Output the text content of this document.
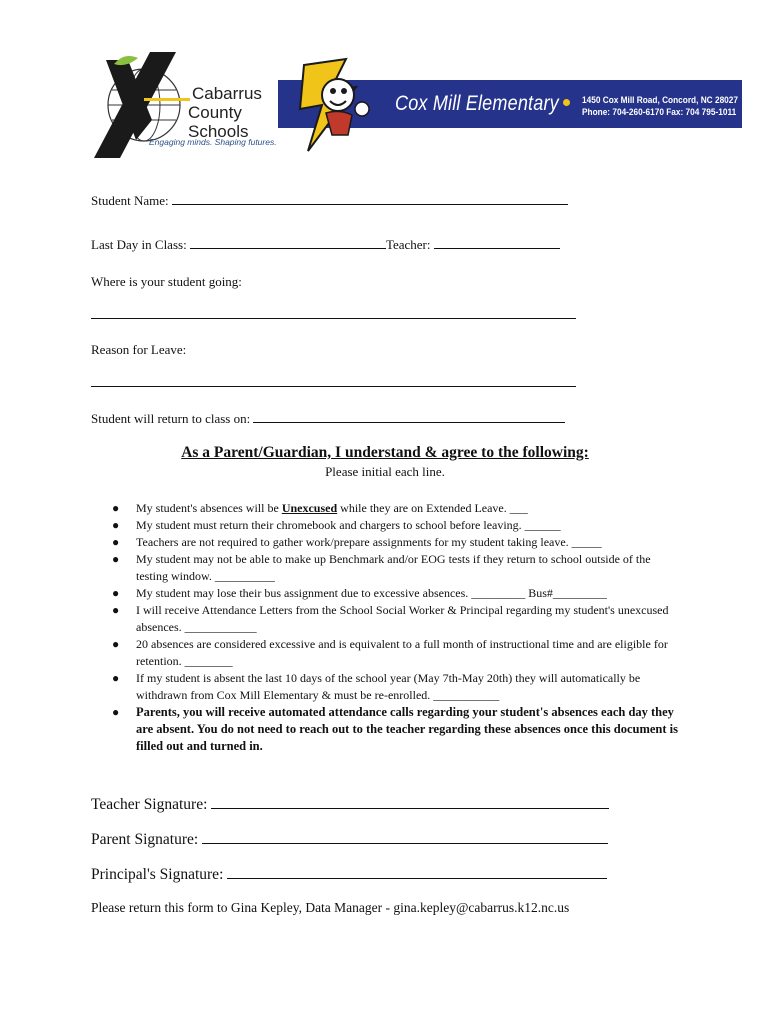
Cabarrus
County Schools
Engaging minds. Shaping futures.
Cox Mill Elementary	1450 Cox Mill Road, Concord, NC 28027
Phone: 704-260-6170 Fax: 704 795-1011
Student Name:
Last Day in Class:	Teacher:
Where is your student going:
Reason for Leave:
Student will return to class on:
As a Parent/Guardian, I understand & agree to the following:
Please initial each line.
● My student's absences will be Unexcused while they are on Extended Leave. ___
● My student must return their chromebook and chargers to school before leaving. ______
● Teachers are not required to gather work/prepare assignments for my student taking leave. _____
● My student may not be able to make up Benchmark and/or EOG tests if they return to school outside of the testing window. __________
● My student may lose their bus assignment due to excessive absences. _________ Bus#_________
● I will receive Attendance Letters from the School Social Worker & Principal regarding my student's unexcused absences. ____________
● 20 absences are considered excessive and is equivalent to a full month of instructional time and are eligible for retention. ________
● If my student is absent the last 10 days of the school year (May 7th-May 20th) they will automatically be withdrawn from Cox Mill Elementary & must be re-enrolled. ___________
● Parents, you will receive automated attendance calls regarding your student's absences each day they are absent. You do not need to reach out to the teacher regarding these absences once this document is filled out and turned in.
Teacher Signature:
Parent Signature:
Principal's Signature:
Please return this form to Gina Kepley, Data Manager - gina.kepley@cabarrus.k12.nc.us
